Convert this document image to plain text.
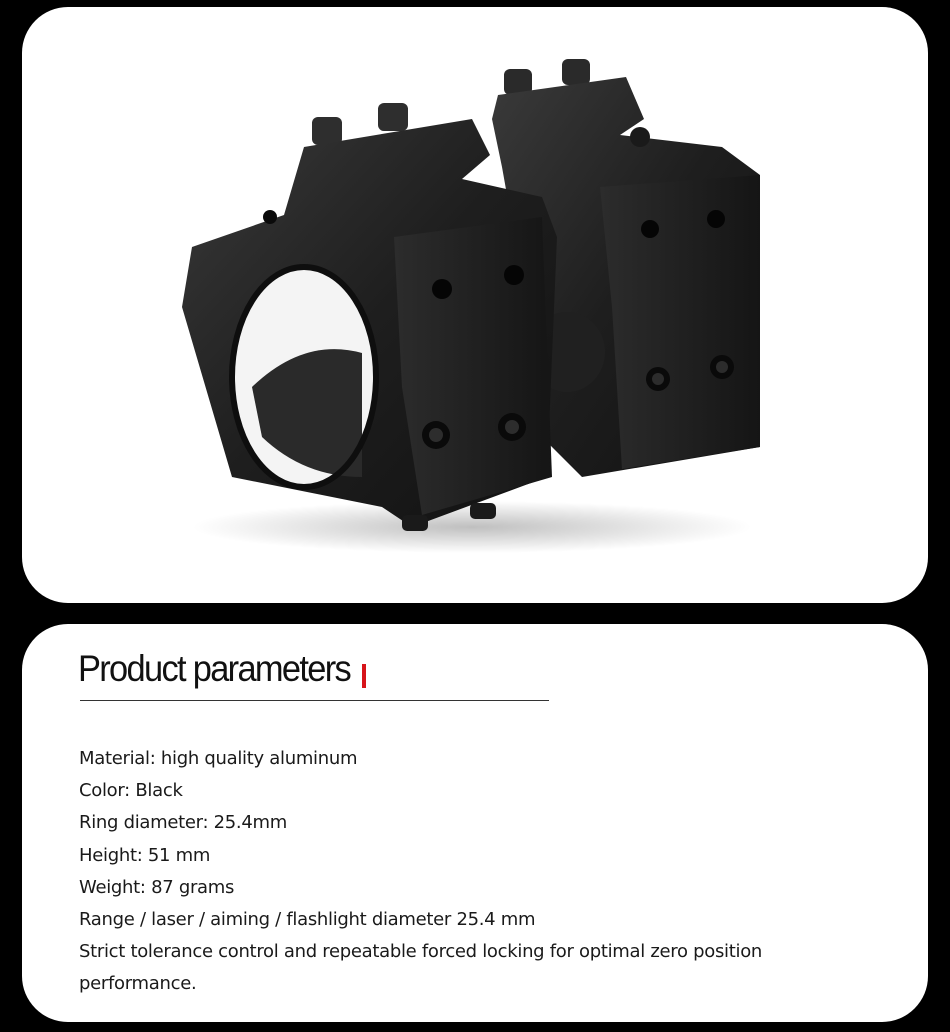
Product parameters
Material: high quality aluminum
Color: Black
Ring diameter: 25.4mm
Height: 51 mm
Weight: 87 grams
Range / laser / aiming / flashlight diameter 25.4 mm
Strict tolerance control and repeatable forced locking for optimal zero position performance.
